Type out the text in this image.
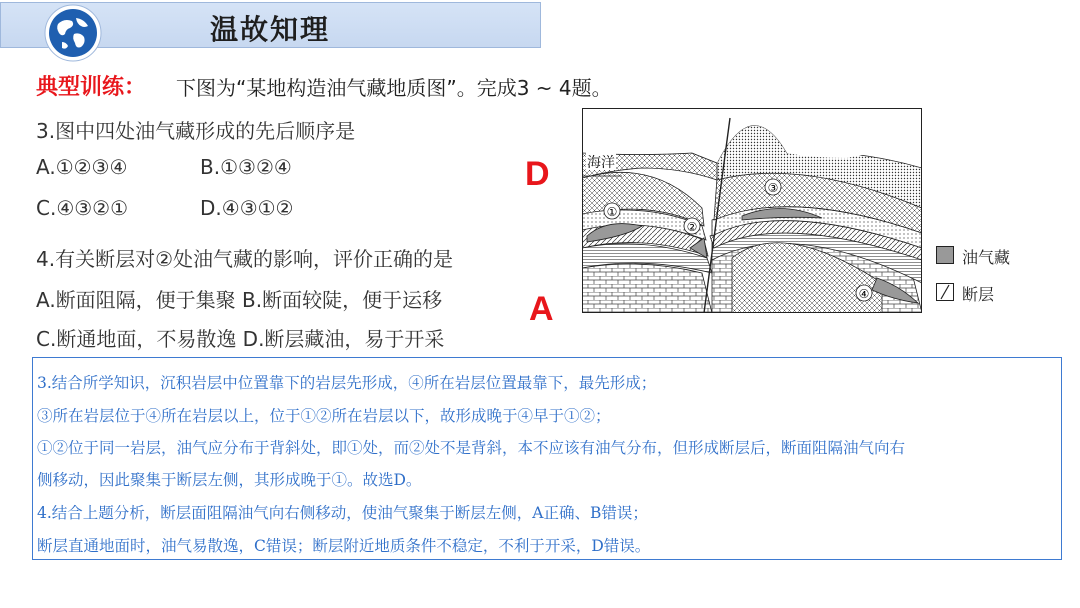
温故知理
典型训练： 下图为“某地构造油气藏地质图”。完成3 ~ 4题。
3.图中四处油气藏形成的先后顺序是
A.①②③④	B.①③②④
C.④③②①	D.④③①②
D
4.有关断层对②处油气藏的影响，评价正确的是
A.断面阻隔，便于集聚 B.断面较陡，便于运移
C.断通地面，不易散逸 D.断层藏油，易于开采
A
海洋
①
②
③
④
油气藏
断层
3.结合所学知识，沉积岩层中位置靠下的岩层先形成，④所在岩层位置最靠下，最先形成；
③所在岩层位于④所在岩层以上，位于①②所在岩层以下，故形成晚于④早于①②；
①②位于同一岩层，油气应分布于背斜处，即①处，而②处不是背斜，本不应该有油气分布，但形成断层后，断面阻隔油气向右
侧移动，因此聚集于断层左侧，其形成晚于①。故选D。
4.结合上题分析，断层面阻隔油气向右侧移动，使油气聚集于断层左侧，A正确、B错误；
断层直通地面时，油气易散逸，C错误；断层附近地质条件不稳定，不利于开采，D错误。
